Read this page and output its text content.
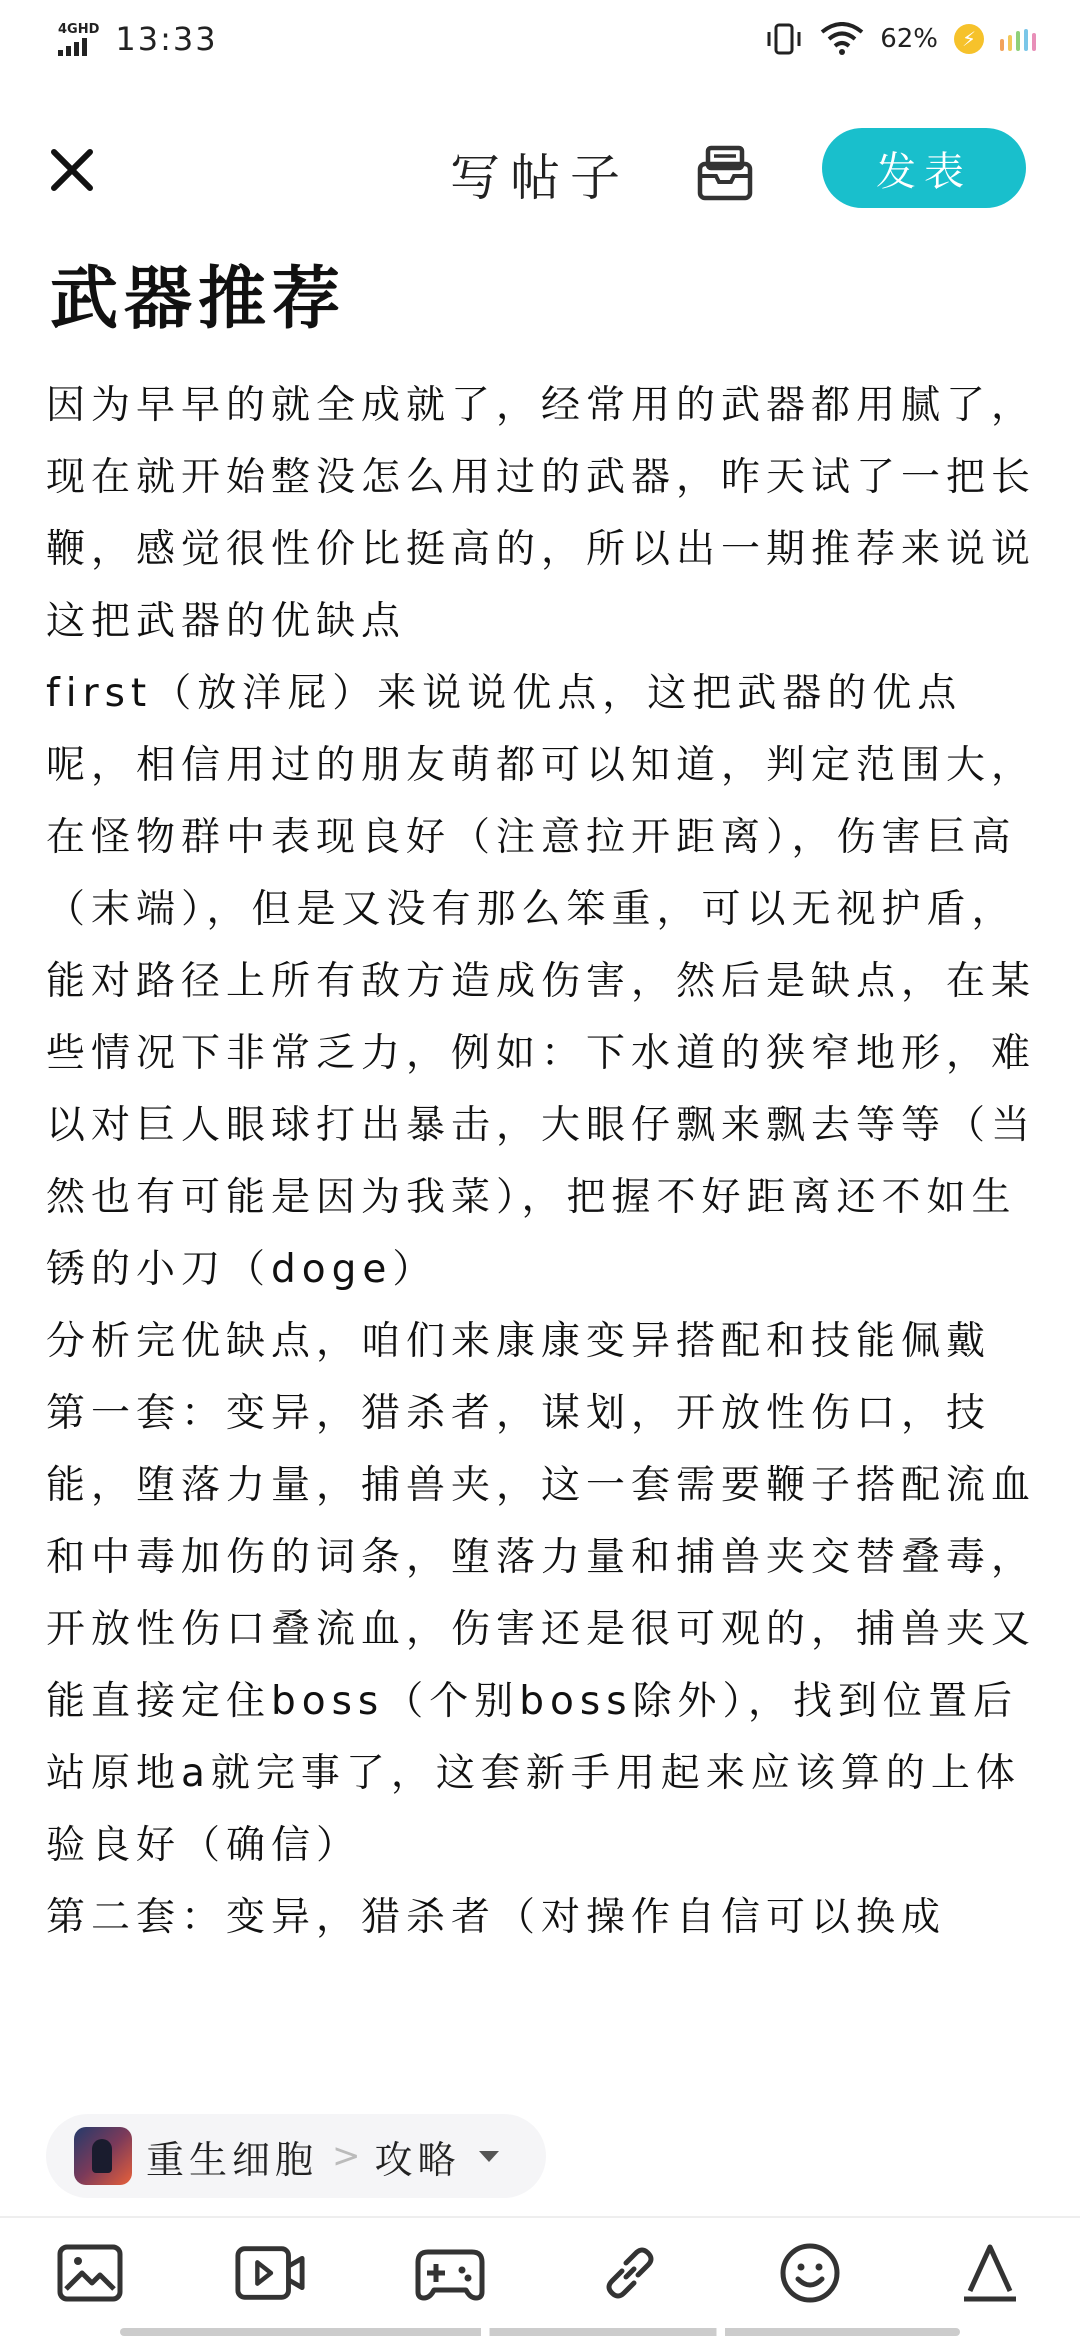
4GHD 13:33	62%	⚡
写帖子	发表
武器推荐

因为早早的就全成就了，经常用的武器都用腻了，现在就开始整没怎么用过的武器，昨天试了一把长鞭，感觉很性价比挺高的，所以出一期推荐来说说这把武器的优缺点

first（放洋屁）来说说优点，这把武器的优点呢，相信用过的朋友萌都可以知道，判定范围大，在怪物群中表现良好（注意拉开距离），伤害巨高（末端），但是又没有那么笨重，可以无视护盾，能对路径上所有敌方造成伤害，然后是缺点，在某些情况下非常乏力，例如：下水道的狭窄地形，难以对巨人眼球打出暴击，大眼仔飘来飘去等等（当然也有可能是因为我菜），把握不好距离还不如生锈的小刀（doge）

分析完优缺点，咱们来康康变异搭配和技能佩戴

第一套：变异，猎杀者，谋划，开放性伤口，技能，堕落力量，捕兽夹，这一套需要鞭子搭配流血和中毒加伤的词条，堕落力量和捕兽夹交替叠毒，开放性伤口叠流血，伤害还是很可观的，捕兽夹又能直接定住boss（个别boss除外），找到位置后站原地a就完事了，这套新手用起来应该算的上体验良好（确信）

第二套：变异，猎杀者（对操作自信可以换成

重生细胞 > 攻略
